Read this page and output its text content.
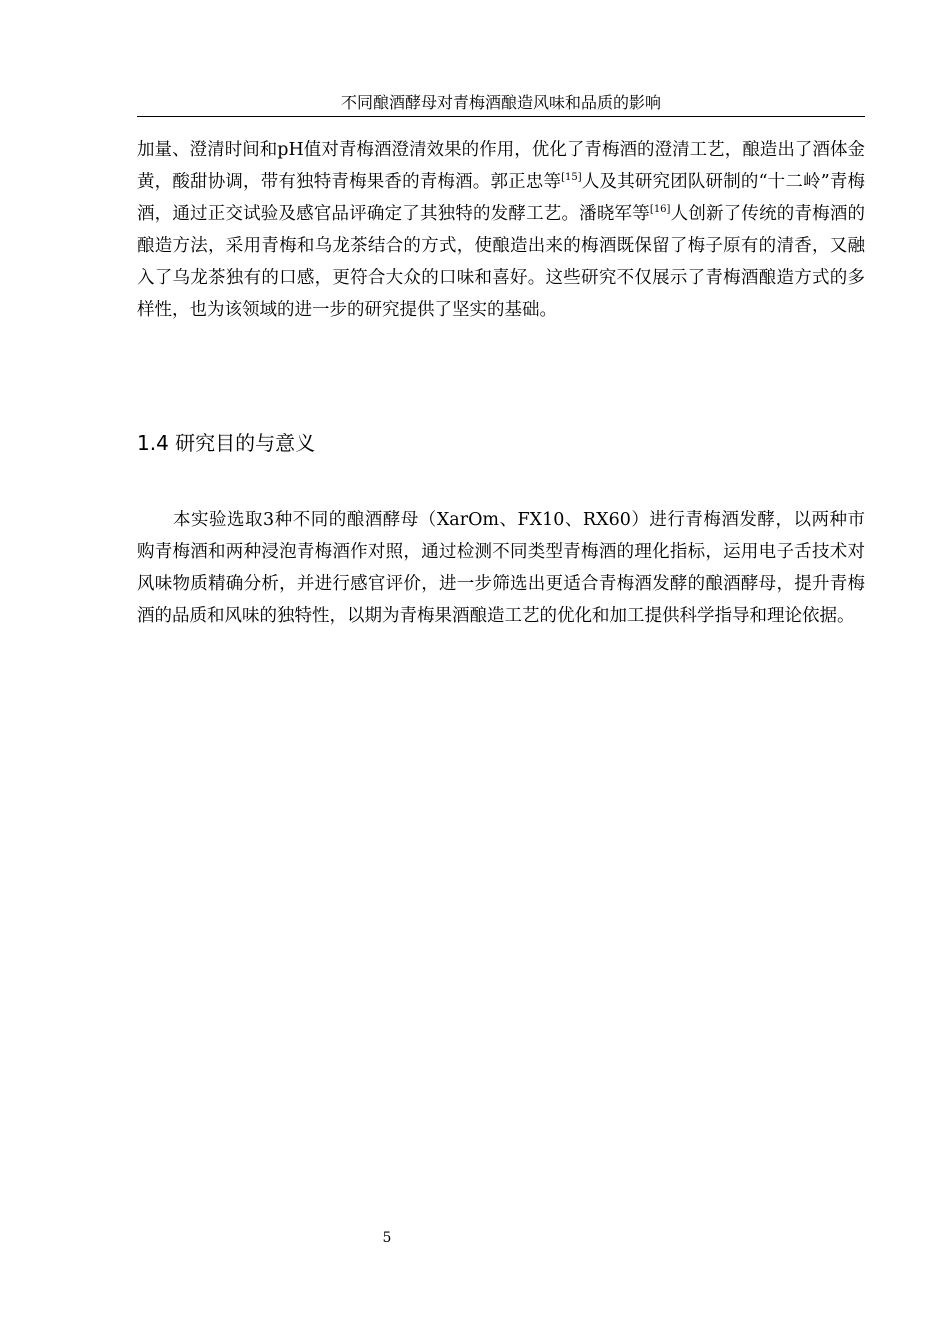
不同酿酒酵母对青梅酒酿造风味和品质的影响

加量、澄清时间和pH值对青梅酒澄清效果的作用，优化了青梅酒的澄清工艺，酿造出了酒体金黄，酸甜协调，带有独特青梅果香的青梅酒。郭正忠等[15]人及其研究团队研制的“十二岭”青梅酒，通过正交试验及感官品评确定了其独特的发酵工艺。潘晓军等[16]人创新了传统的青梅酒的酿造方法，采用青梅和乌龙茶结合的方式，使酿造出来的梅酒既保留了梅子原有的清香，又融入了乌龙茶独有的口感，更符合大众的口味和喜好。这些研究不仅展示了青梅酒酿造方式的多样性，也为该领域的进一步的研究提供了坚实的基础。

1.4 研究目的与意义

本实验选取3种不同的酿酒酵母（XarOm、FX10、RX60）进行青梅酒发酵，以两种市购青梅酒和两种浸泡青梅酒作对照，通过检测不同类型青梅酒的理化指标，运用电子舌技术对风味物质精确分析，并进行感官评价，进一步筛选出更适合青梅酒发酵的酿酒酵母，提升青梅酒的品质和风味的独特性，以期为青梅果酒酿造工艺的优化和加工提供科学指导和理论依据。

5
